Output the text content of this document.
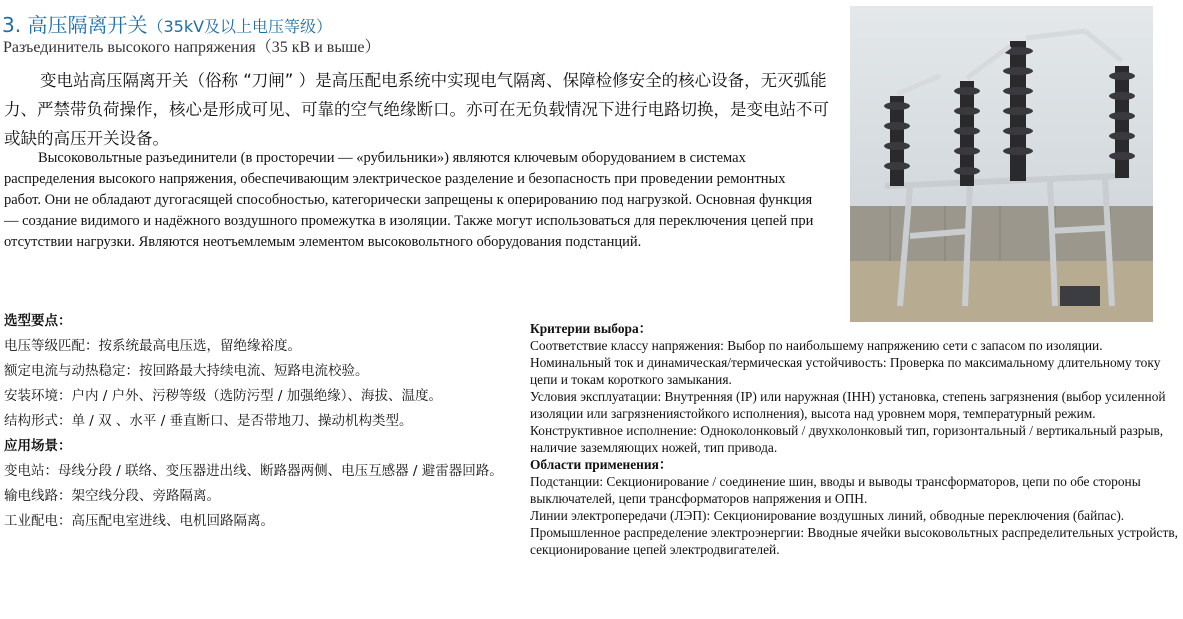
3. 高压隔离开关（35kV及以上电压等级）

Разъединитель высокого напряжения（35 кВ и выше）

变电站高压隔离开关（俗称 “刀闸” ）是高压配电系统中实现电气隔离、保障检修安全的核心设备，无灭弧能力、严禁带负荷操作，核心是形成可见、可靠的空气绝缘断口。亦可在无负载情况下进行电路切换，是变电站不可或缺的高压开关设备。

Высоковольтные разъединители (в просторечии — «рубильники») являются ключевым оборудованием в системах распределения высокого напряжения, обеспечивающим электрическое разделение и безопасность при проведении ремонтных работ. Они не обладают дугогасящей способностью, категорически запрещены к оперированию под нагрузкой. Основная функция — создание видимого и надёжного воздушного промежутка в изоляции. Также могут использоваться для переключения цепей при отсутствии нагрузки. Являются неотъемлемым элементом высоковольтного оборудования подстанций.

选型要点：

电压等级匹配：按系统最高电压选，留绝缘裕度。

额定电流与动热稳定：按回路最大持续电流、短路电流校验。

安装环境：户内 / 户外、污秽等级（选防污型 / 加强绝缘）、海拔、温度。

结构形式：单 / 双 、水平 / 垂直断口、是否带地刀、操动机构类型。

应用场景：

变电站：母线分段 / 联络、变压器进出线、断路器两侧、电压互感器 / 避雷器回路。

输电线路：架空线分段、旁路隔离。

工业配电：高压配电室进线、电机回路隔离。

Критерии выбора：

Соответствие классу напряжения: Выбор по наибольшему напряжению сети с запасом по изоляции.

Номинальный ток и динамическая/термическая устойчивость: Проверка по максимальному длительному току цепи и токам короткого замыкания.

Условия эксплуатации: Внутренняя (IP) или наружная (IHH) установка, степень загрязнения (выбор усиленной изоляции или загрязнениястойкого исполнения), высота над уровнем моря, температурный режим.

Конструктивное исполнение: Одноколонковый / двухколонковый тип, горизонтальный / вертикальный разрыв, наличие заземляющих ножей, тип привода.

Области применения：

Подстанции: Секционирование / соединение шин, вводы и выводы трансформаторов, цепи по обе стороны выключателей, цепи трансформаторов напряжения и ОПН.

Линии электропередачи (ЛЭП): Секционирование воздушных линий, обводные переключения (байпас).

Промышленное распределение электроэнергии: Вводные ячейки высоковольтных распределительных устройств, секционирование цепей электродвигателей.
